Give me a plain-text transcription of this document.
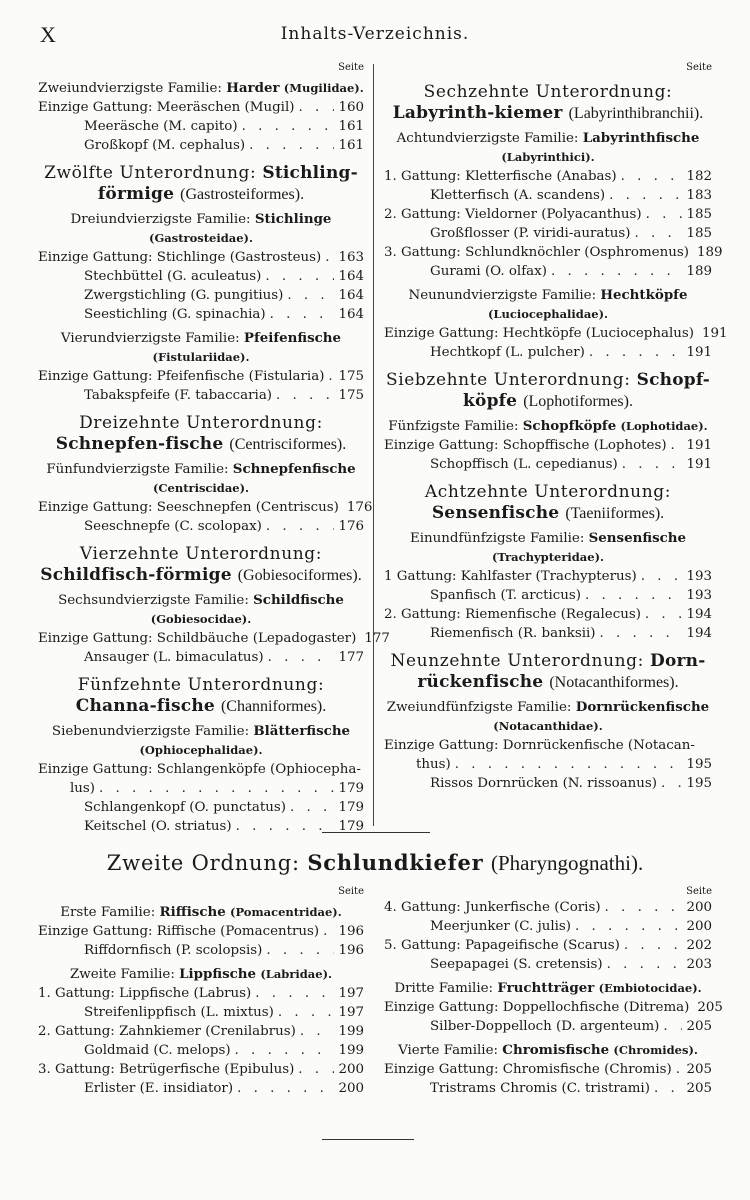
X	Inhalts-Verzeichnis.
Seite
Zweiundvierzigste Familie: Harder (Mugilidae).
Einzige Gattung: Meeräschen (Mugil) . . .	160
Meeräsche (M. capito) . . .	161
Großkopf (M. cephalus) . . .	161
Zwölfte Unterordnung: Stichling-förmige (Gastrosteiformes).
Dreiundvierzigste Familie: Stichlinge (Gastrosteidae).
Einzige Gattung: Stichlinge (Gastrosteus) . . . 163
Stechbüttel (G. aculeatus) . . .	164
Zwergstichling (G. pungitius) . . .	164
Seestichling (G. spinachia) . . .	164
Vierundvierzigste Familie: Pfeifenfische (Fistulariidae).
Einzige Gattung: Pfeifenfische (Fistularia) . . . 175
Tabakspfeife (F. tabaccaria) . . .	175
Dreizehnte Unterordnung: Schnepfen-fische (Centrisciformes).
Fünfundvierzigste Familie: Schnepfenfische (Centriscidae).
Einzige Gattung: Seeschnepfen (Centriscus) . . . 176
Seeschnepfe (C. scolopax) . . .	176
Vierzehnte Unterordnung: Schildfisch-förmige (Gobiesociformes).
Sechsundvierzigste Familie: Schildfische (Gobiesocidae).
Einzige Gattung: Schildbäuche (Lepadogaster) . . . 177
Ansauger (L. bimaculatus) . . .	177
Fünfzehnte Unterordnung: Channa-fische (Channiformes).
Siebenundvierzigste Familie: Blätterfische (Ophiocephalidae).
Einzige Gattung: Schlangenköpfe (Ophiocepha-
lus) . . .	179
Schlangenkopf (O. punctatus) . . .	179
Keitschel (O. striatus) . . .	179
Seite
Sechzehnte Unterordnung: Labyrinth-kiemer (Labyrinthibranchii).
Achtundvierzigste Familie: Labyrinthfische (Labyrinthici).
1. Gattung: Kletterfische (Anabas) . . .	182
Kletterfisch (A. scandens) . . .	183
2. Gattung: Vieldorner (Polyacanthus) . . .	185
Großflosser (P. viridi-auratus) . . .	185
3. Gattung: Schlundknöchler (Osphromenus) . . . 189
Gurami (O. olfax) . . .	189
Neunundvierzigste Familie: Hechtköpfe (Luciocephalidae).
Einzige Gattung: Hechtköpfe (Luciocephalus) . . . 191
Hechtkopf (L. pulcher) . . .	191
Siebzehnte Unterordnung: Schopf-köpfe (Lophotiformes).
Fünfzigste Familie: Schopfköpfe (Lophotidae).
Einzige Gattung: Schopffische (Lophotes) . . . 191
Schopffisch (L. cepedianus) . . .	191
Achtzehnte Unterordnung: Sensenfische (Taeniiformes).
Einundfünfzigste Familie: Sensenfische (Trachypteridae).
1 Gattung: Kahlfaster (Trachypterus) . . .	193
Spanfisch (T. arcticus) . . .	193
2. Gattung: Riemenfische (Regalecus) . . .	194
Riemenfisch (R. banksii) . . .	194
Neunzehnte Unterordnung: Dorn-rückenfische (Notacanthiformes).
Zweiundfünfzigste Familie: Dornrückenfische (Notacanthidae).
Einzige Gattung: Dornrückenfische (Notacan-
thus) . . .	195
Rissos Dornrücken (N. rissoanus) . . . 195
Zweite Ordnung: Schlundkiefer (Pharyngognathi).
Seite
Erste Familie: Riffische (Pomacentridae).
Einzige Gattung: Riffische (Pomacentrus) . . . 196
Riffdornfisch (P. scolopsis) . . .	196
Zweite Familie: Lippfische (Labridae).
1. Gattung: Lippfische (Labrus) . . .	197
Streifenlippfisch (L. mixtus) . . .	197
2. Gattung: Zahnkiemer (Crenilabrus) . . .	199
Goldmaid (C. melops) . . .	199
3. Gattung: Betrügerfische (Epibulus) . . .	200
Erlister (E. insidiator) . . .	200
Seite
4. Gattung: Junkerfische (Coris) . . .	200
Meerjunker (C. julis) . . .	200
5. Gattung: Papageifische (Scarus) . . .	202
Seepapagei (S. cretensis) . . .	203
Dritte Familie: Fruchtträger (Embiotocidae).
Einzige Gattung: Doppellochfische (Ditrema) . . . 205
Silber-Doppelloch (D. argenteum) . . . 205
Vierte Familie: Chromisfische (Chromides).
Einzige Gattung: Chromisfische (Chromis) . . . 205
Tristrams Chromis (C. tristrami) . . .	205
